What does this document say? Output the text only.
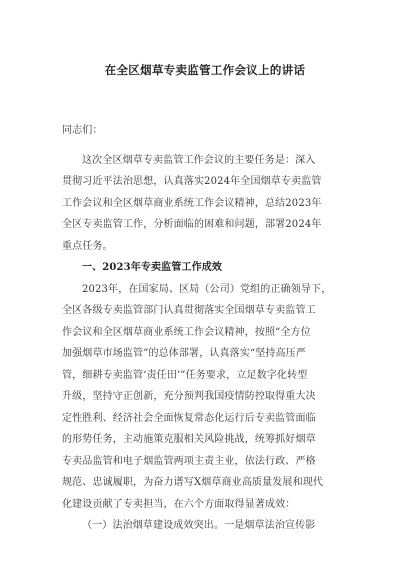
在全区烟草专卖监管工作会议上的讲话
同志们：
这次全区烟草专卖监管工作会议的主要任务是：深入
贯彻习近平法治思想，认真落实2024年全国烟草专卖监管
工作会议和全区烟草商业系统工作会议精神，总结2023年
全区专卖监管工作，分析面临的困难和问题，部署2024年
重点任务。
一、2023年专卖监管工作成效
2023年，在国家局、区局（公司）党组的正确领导下，
全区各级专卖监管部门认真贯彻落实全国烟草专卖监管工
作会议和全区烟草商业系统工作会议精神，按照“全方位
加强烟草市场监管”的总体部署，认真落实“坚持高压严
管，细耕专卖监管‘责任田’”任务要求，立足数字化转型
升级，坚持守正创新，充分预判我国疫情防控取得重大决
定性胜利、经济社会全面恢复常态化运行后专卖监管面临
的形势任务，主动施策克服相关风险挑战，统筹抓好烟草
专卖品监管和电子烟监管两项主责主业，依法行政、严格
规范、忠诚履职，为奋力谱写X烟草商业高质量发展和现代
化建设贡献了专卖担当，在六个方面取得显著成效：
（一）法治烟草建设成效突出。一是烟草法治宣传影
